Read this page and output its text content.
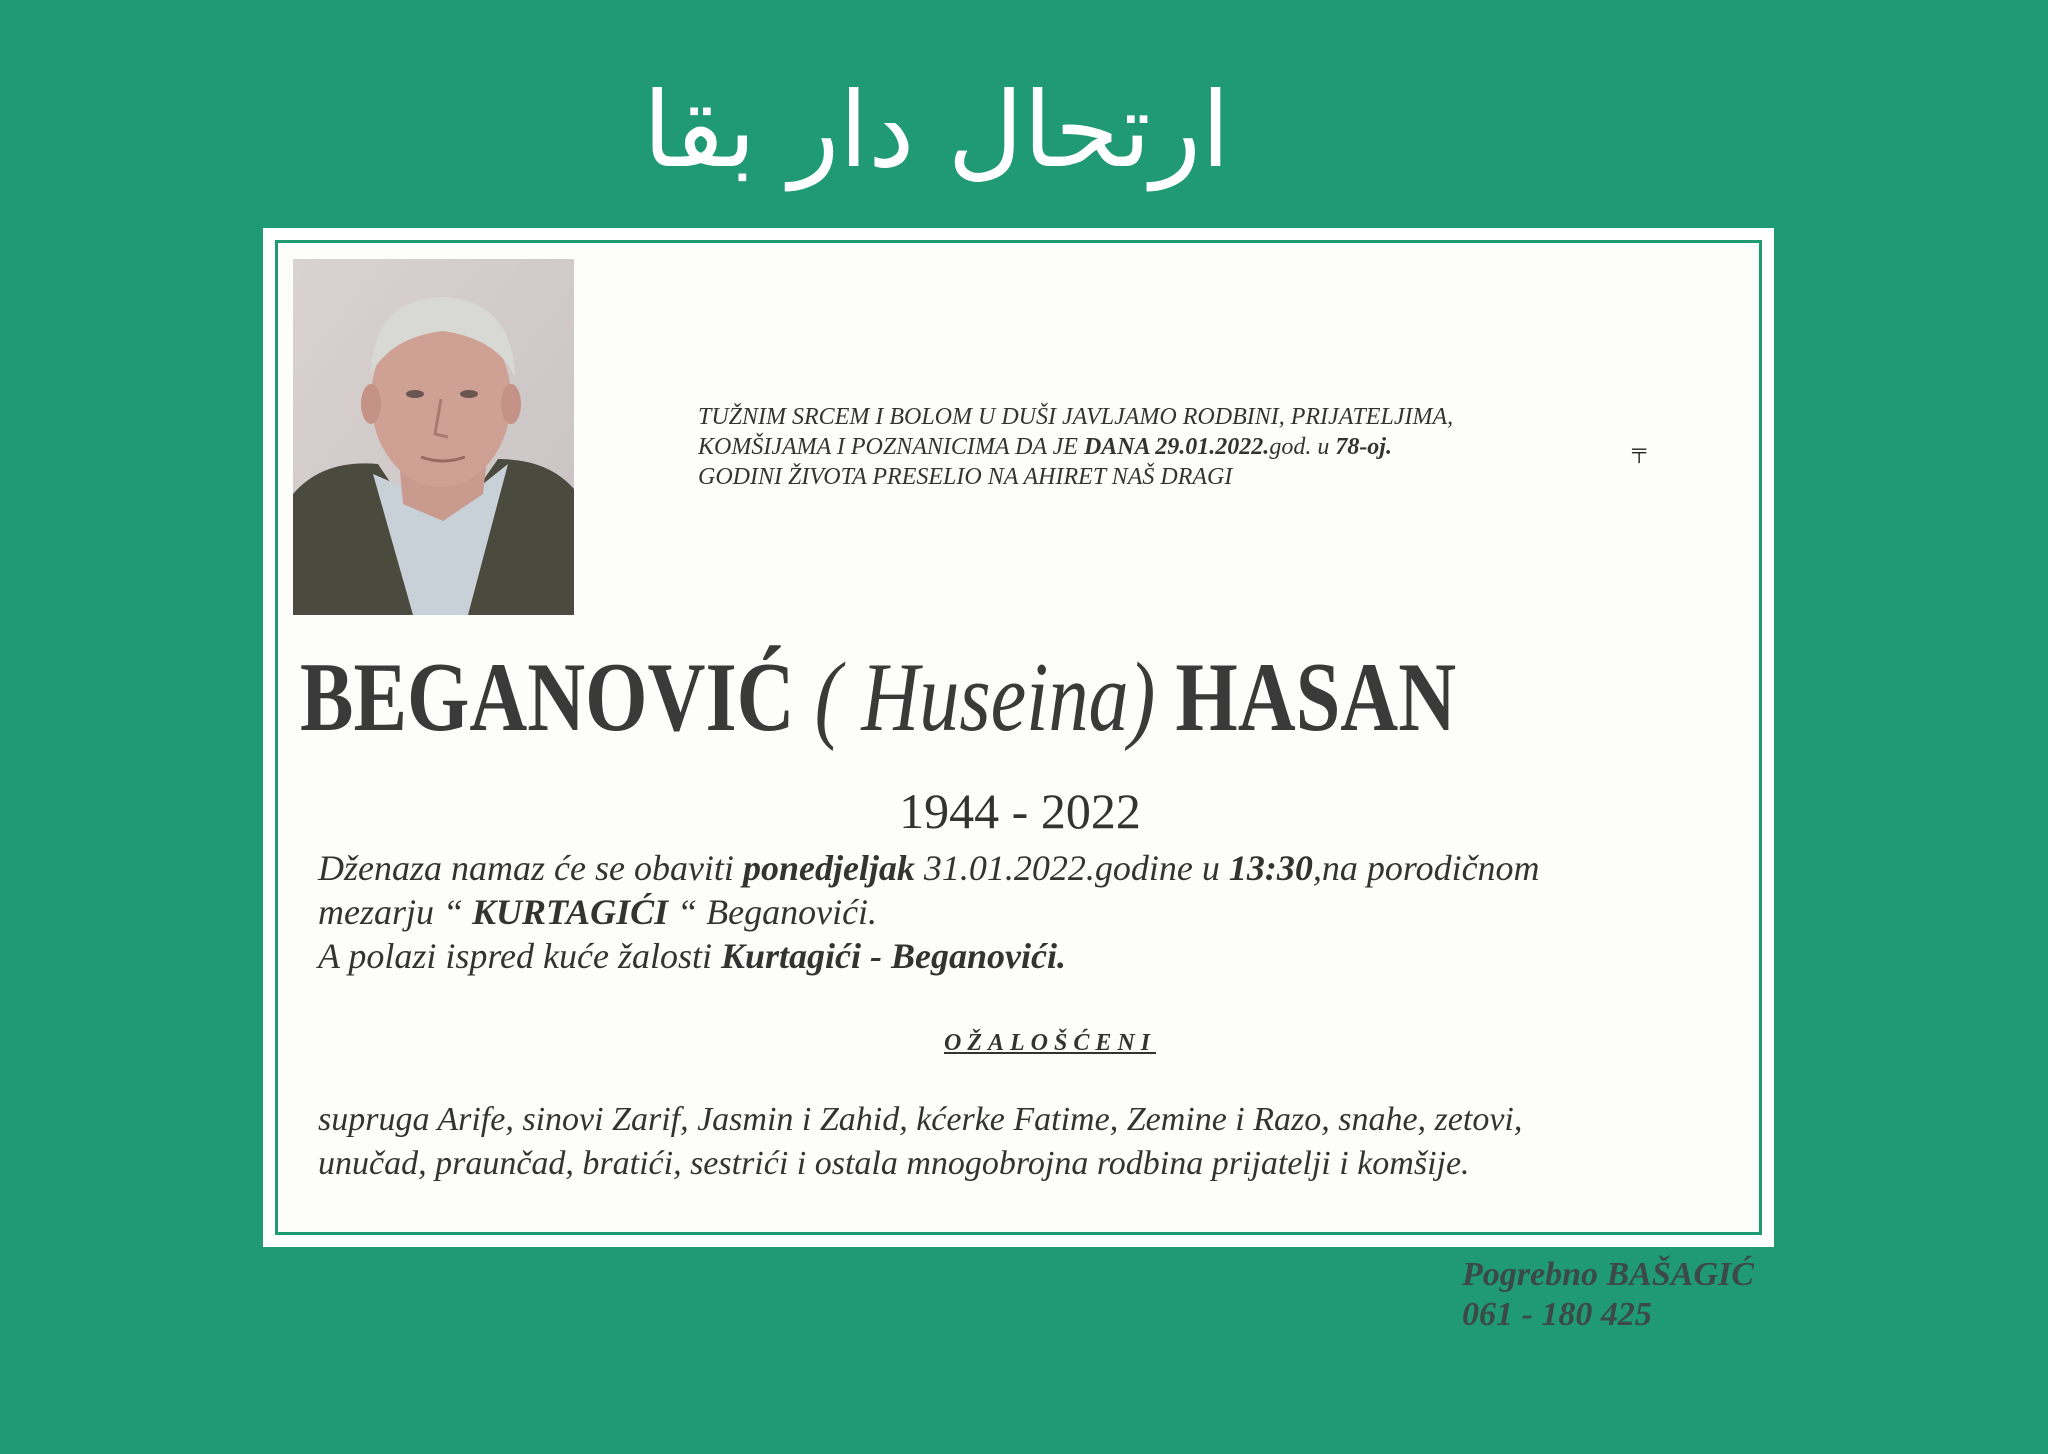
ارتحال دار بقا
TUŽNIM SRCEM I BOLOM U DUŠI JAVLJAMO RODBINI, PRIJATELJIMA,
KOMŠIJAMA I POZNANICIMA DA JE DANA 29.01.2022.god. u 78-oj.
GODINI ŽIVOTA PRESELIO NA AHIRET NAŠ DRAGI
╤
BEGANOVIĆ ( Huseina) HASAN
1944 - 2022
Dženaza namaz će se obaviti ponedjeljak 31.01.2022.godine u 13:30,na porodičnom
mezarju “ KURTAGIĆI “ Beganovići.
A polazi ispred kuće žalosti Kurtagići - Beganovići.
OŽALOŠĆENI
supruga Arife, sinovi Zarif, Jasmin i Zahid, kćerke Fatime, Zemine i Razo, snahe, zetovi,
unučad, praunčad, bratići, sestrići i ostala mnogobrojna rodbina prijatelji i komšije.
Pogrebno BAŠAGIĆ
061 - 180 425
